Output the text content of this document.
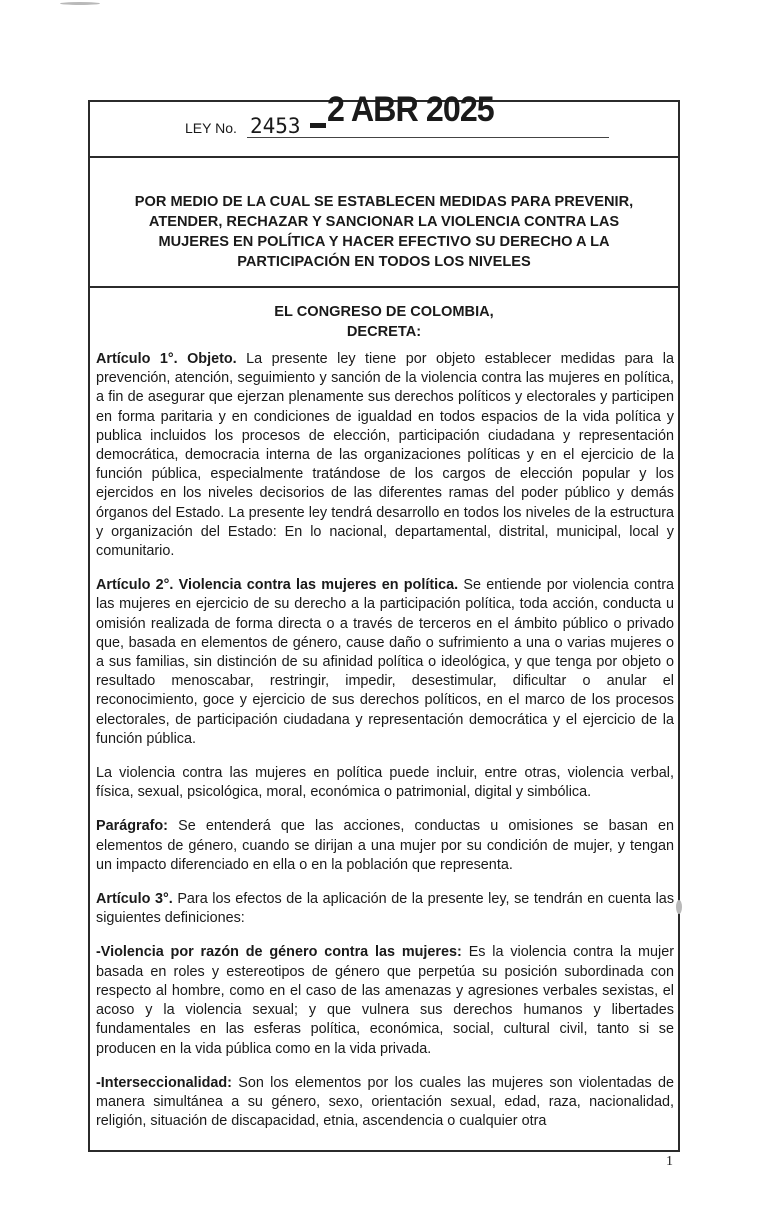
LEY No. 2453 2 ABR 2025
POR MEDIO DE LA CUAL SE ESTABLECEN MEDIDAS PARA PREVENIR,
ATENDER, RECHAZAR Y SANCIONAR LA VIOLENCIA CONTRA LAS
MUJERES EN POLÍTICA Y HACER EFECTIVO SU DERECHO A LA
PARTICIPACIÓN EN TODOS LOS NIVELES
EL CONGRESO DE COLOMBIA,
DECRETA:

Artículo 1°. Objeto. La presente ley tiene por objeto establecer medidas para la prevención, atención, seguimiento y sanción de la violencia contra las mujeres en política, a fin de asegurar que ejerzan plenamente sus derechos políticos y electorales y participen en forma paritaria y en condiciones de igualdad en todos espacios de la vida política y publica incluidos los procesos de elección, participación ciudadana y representación democrática, democracia interna de las organizaciones políticas y en el ejercicio de la función pública, especialmente tratándose de los cargos de elección popular y los ejercidos en los niveles decisorios de las diferentes ramas del poder público y demás órganos del Estado. La presente ley tendrá desarrollo en todos los niveles de la estructura y organización del Estado: En lo nacional, departamental, distrital, municipal, local y comunitario.

Artículo 2°. Violencia contra las mujeres en política. Se entiende por violencia contra las mujeres en ejercicio de su derecho a la participación política, toda acción, conducta u omisión realizada de forma directa o a través de terceros en el ámbito público o privado que, basada en elementos de género, cause daño o sufrimiento a una o varias mujeres o a sus familias, sin distinción de su afinidad política o ideológica, y que tenga por objeto o resultado menoscabar, restringir, impedir, desestimular, dificultar o anular el reconocimiento, goce y ejercicio de sus derechos políticos, en el marco de los procesos electorales, de participación ciudadana y representación democrática y el ejercicio de la función pública.

La violencia contra las mujeres en política puede incluir, entre otras, violencia verbal, física, sexual, psicológica, moral, económica o patrimonial, digital y simbólica.

Parágrafo: Se entenderá que las acciones, conductas u omisiones se basan en elementos de género, cuando se dirijan a una mujer por su condición de mujer, y tengan un impacto diferenciado en ella o en la población que representa.

Artículo 3°. Para los efectos de la aplicación de la presente ley, se tendrán en cuenta las siguientes definiciones:

-Violencia por razón de género contra las mujeres: Es la violencia contra la mujer basada en roles y estereotipos de género que perpetúa su posición subordinada con respecto al hombre, como en el caso de las amenazas y agresiones verbales sexistas, el acoso y la violencia sexual; y que vulnera sus derechos humanos y libertades fundamentales en las esferas política, económica, social, cultural civil, tanto si se producen en la vida pública como en la vida privada.

-Interseccionalidad: Son los elementos por los cuales las mujeres son violentadas de manera simultánea a su género, sexo, orientación sexual, edad, raza, nacionalidad, religión, situación de discapacidad, etnia, ascendencia o cualquier otra

1
